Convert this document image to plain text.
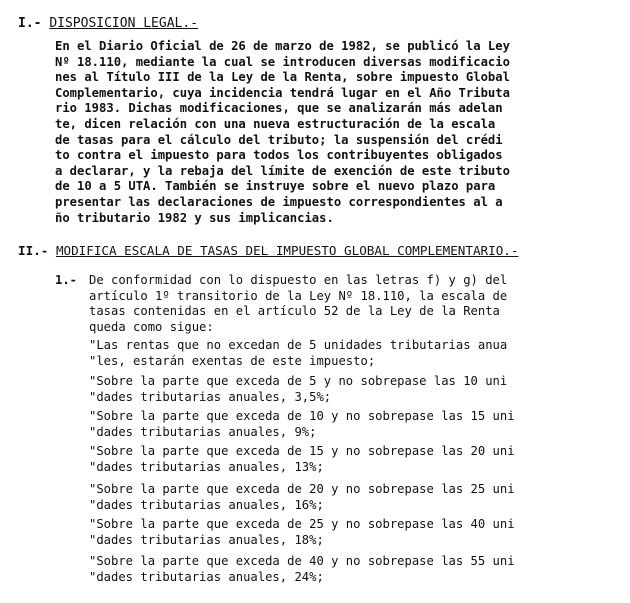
I.- DISPOSICION LEGAL.-
En el Diario Oficial de 26 de marzo de 1982, se publicó la Ley
Nº 18.110, mediante la cual se introducen diversas modificacio
nes al Título III de la Ley de la Renta, sobre impuesto Global
Complementario, cuya incidencia tendrá lugar en el Año Tributa
rio 1983. Dichas modificaciones, que se analizarán más adelan
te, dicen relación con una nueva estructuración de la escala
de tasas para el cálculo del tributo; la suspensión del crédi
to contra el impuesto para todos los contribuyentes obligados
a declarar, y la rebaja del límite de exención de este tributo
de 10 a 5 UTA. También se instruye sobre el nuevo plazo para
presentar las declaraciones de impuesto correspondientes al a
ño tributario 1982 y sus implicancias.
II.- MODIFICA ESCALA DE TASAS DEL IMPUESTO GLOBAL COMPLEMENTARIO.-
1.- De conformidad con lo dispuesto en las letras f) y g) del
artículo 1º transitorio de la Ley Nº 18.110, la escala de
tasas contenidas en el artículo 52 de la Ley de la Renta
queda como sigue:
"Las rentas que no excedan de 5 unidades tributarias anua
"les, estarán exentas de este impuesto;
"Sobre la parte que exceda de 5 y no sobrepase las 10 uni
"dades tributarias anuales, 3,5%;
"Sobre la parte que exceda de 10 y no sobrepase las 15 uni
"dades tributarias anuales, 9%;
"Sobre la parte que exceda de 15 y no sobrepase las 20 uni
"dades tributarias anuales, 13%;
"Sobre la parte que exceda de 20 y no sobrepase las 25 uni
"dades tributarias anuales, 16%;
"Sobre la parte que exceda de 25 y no sobrepase las 40 uni
"dades tributarias anuales, 18%;
"Sobre la parte que exceda de 40 y no sobrepase las 55 uni
"dades tributarias anuales, 24%;
